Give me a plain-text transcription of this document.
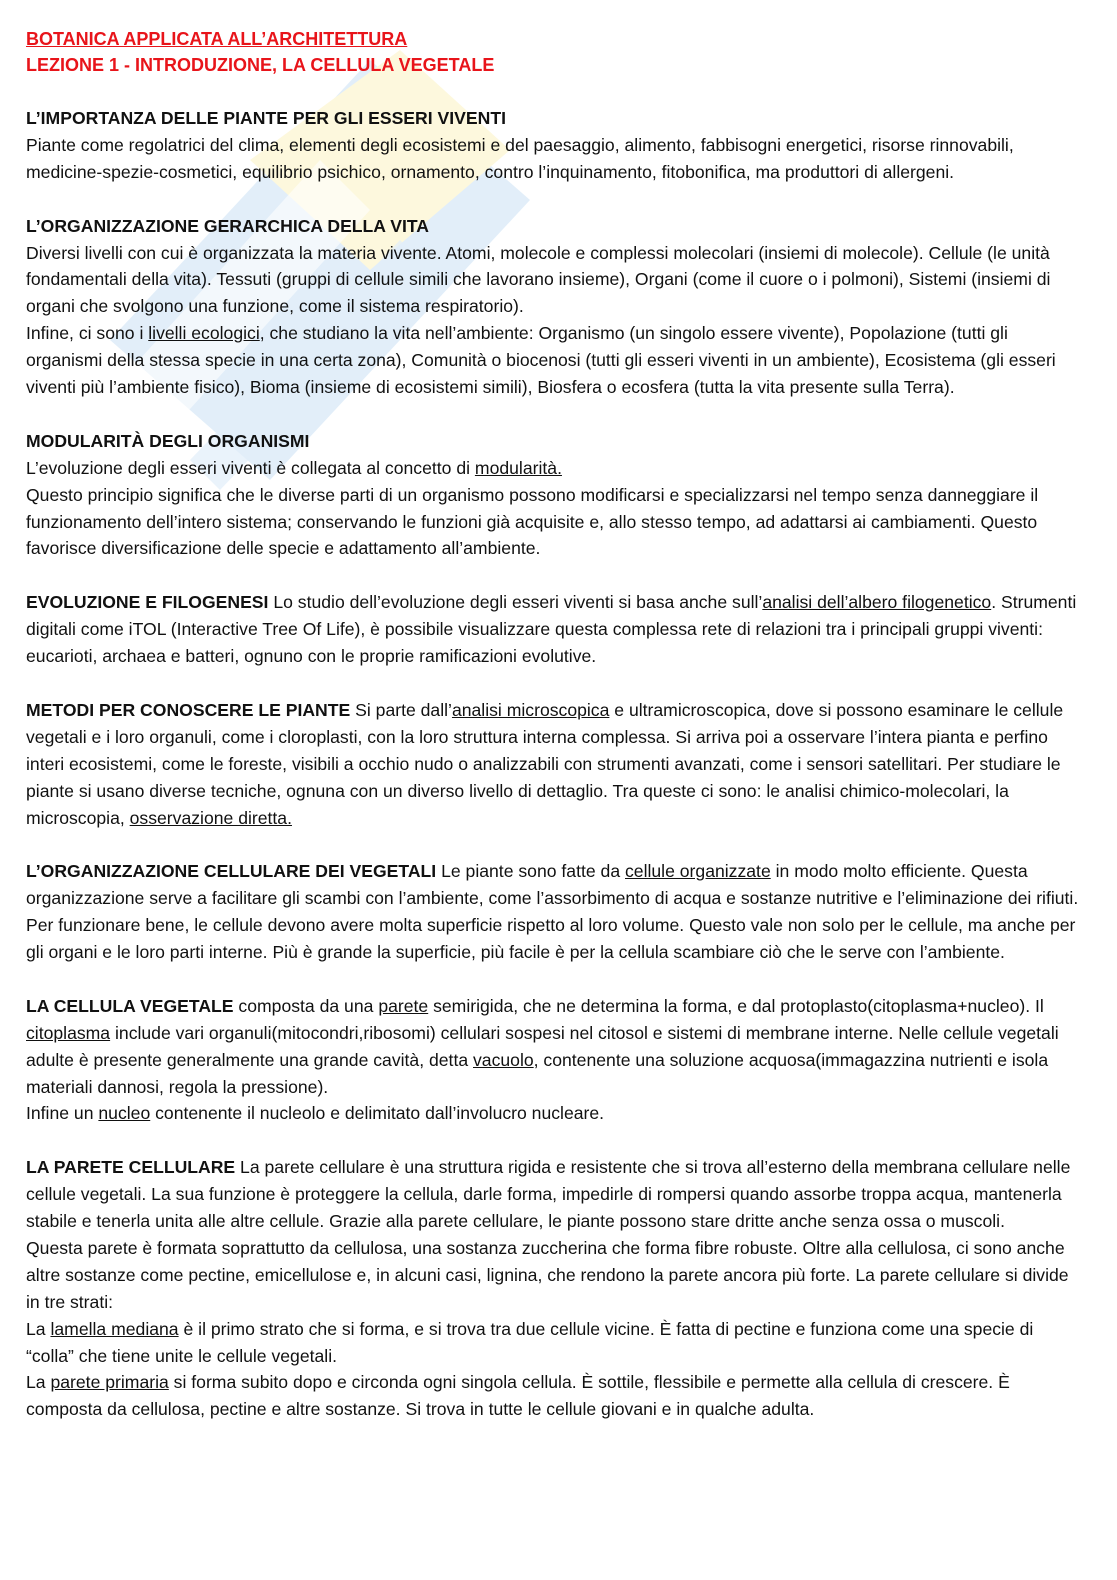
BOTANICA APPLICATA ALL’ARCHITETTURA
LEZIONE 1 - INTRODUZIONE, LA CELLULA VEGETALE
L’IMPORTANZA DELLE PIANTE PER GLI ESSERI VIVENTI

Piante come regolatrici del clima, elementi degli ecosistemi e del paesaggio, alimento, fabbisogni energetici, risorse rinnovabili, medicine-spezie-cosmetici, equilibrio psichico, ornamento, contro l’inquinamento, fitobonifica, ma produttori di allergeni.

L’ORGANIZZAZIONE GERARCHICA DELLA VITA

Diversi livelli con cui è organizzata la materia vivente. Atomi, molecole e complessi molecolari (insiemi di molecole). Cellule (le unità fondamentali della vita). Tessuti (gruppi di cellule simili che lavorano insieme), Organi (come il cuore o i polmoni), Sistemi (insiemi di organi che svolgono una funzione, come il sistema respiratorio).

Infine, ci sono i livelli ecologici, che studiano la vita nell’ambiente: Organismo (un singolo essere vivente), Popolazione (tutti gli organismi della stessa specie in una certa zona), Comunità o biocenosi (tutti gli esseri viventi in un ambiente), Ecosistema (gli esseri viventi più l’ambiente fisico), Bioma (insieme di ecosistemi simili), Biosfera o ecosfera (tutta la vita presente sulla Terra).

MODULARITÀ DEGLI ORGANISMI

L’evoluzione degli esseri viventi è collegata al concetto di modularità.

Questo principio significa che le diverse parti di un organismo possono modificarsi e specializzarsi nel tempo senza danneggiare il funzionamento dell’intero sistema; conservando le funzioni già acquisite e, allo stesso tempo, ad adattarsi ai cambiamenti. Questo favorisce diversificazione delle specie e adattamento all’ambiente.

EVOLUZIONE E FILOGENESI Lo studio dell’evoluzione degli esseri viventi si basa anche sull’analisi dell’albero filogenetico. Strumenti digitali come iTOL (Interactive Tree Of Life), è possibile visualizzare questa complessa rete di relazioni tra i principali gruppi viventi: eucarioti, archaea e batteri, ognuno con le proprie ramificazioni evolutive.

METODI PER CONOSCERE LE PIANTE Si parte dall’analisi microscopica e ultramicroscopica, dove si possono esaminare le cellule vegetali e i loro organuli, come i cloroplasti, con la loro struttura interna complessa. Si arriva poi a osservare l’intera pianta e perfino interi ecosistemi, come le foreste, visibili a occhio nudo o analizzabili con strumenti avanzati, come i sensori satellitari. Per studiare le piante si usano diverse tecniche, ognuna con un diverso livello di dettaglio. Tra queste ci sono: le analisi chimico-molecolari, la microscopia, osservazione diretta.

L’ORGANIZZAZIONE CELLULARE DEI VEGETALI Le piante sono fatte da cellule organizzate in modo molto efficiente. Questa organizzazione serve a facilitare gli scambi con l’ambiente, come l’assorbimento di acqua e sostanze nutritive e l’eliminazione dei rifiuti. Per funzionare bene, le cellule devono avere molta superficie rispetto al loro volume. Questo vale non solo per le cellule, ma anche per gli organi e le loro parti interne. Più è grande la superficie, più facile è per la cellula scambiare ciò che le serve con l’ambiente.

LA CELLULA VEGETALE composta da una parete semirigida, che ne determina la forma, e dal protoplasto(citoplasma+nucleo). Il citoplasma include vari organuli(mitocondri,ribosomi) cellulari sospesi nel citosol e sistemi di membrane interne. Nelle cellule vegetali adulte è presente generalmente una grande cavità, detta vacuolo, contenente una soluzione acquosa(immagazzina nutrienti e isola materiali dannosi, regola la pressione).

Infine un nucleo contenente il nucleolo e delimitato dall’involucro nucleare.

LA PARETE CELLULARE La parete cellulare è una struttura rigida e resistente che si trova all’esterno della membrana cellulare nelle cellule vegetali. La sua funzione è proteggere la cellula, darle forma, impedirle di rompersi quando assorbe troppa acqua, mantenerla stabile e tenerla unita alle altre cellule. Grazie alla parete cellulare, le piante possono stare dritte anche senza ossa o muscoli.

Questa parete è formata soprattutto da cellulosa, una sostanza zuccherina che forma fibre robuste. Oltre alla cellulosa, ci sono anche altre sostanze come pectine, emicellulose e, in alcuni casi, lignina, che rendono la parete ancora più forte. La parete cellulare si divide in tre strati:

La lamella mediana è il primo strato che si forma, e si trova tra due cellule vicine. È fatta di pectine e funziona come una specie di “colla” che tiene unite le cellule vegetali.

La parete primaria si forma subito dopo e circonda ogni singola cellula. È sottile, flessibile e permette alla cellula di crescere. È composta da cellulosa, pectine e altre sostanze. Si trova in tutte le cellule giovani e in qualche adulta.
